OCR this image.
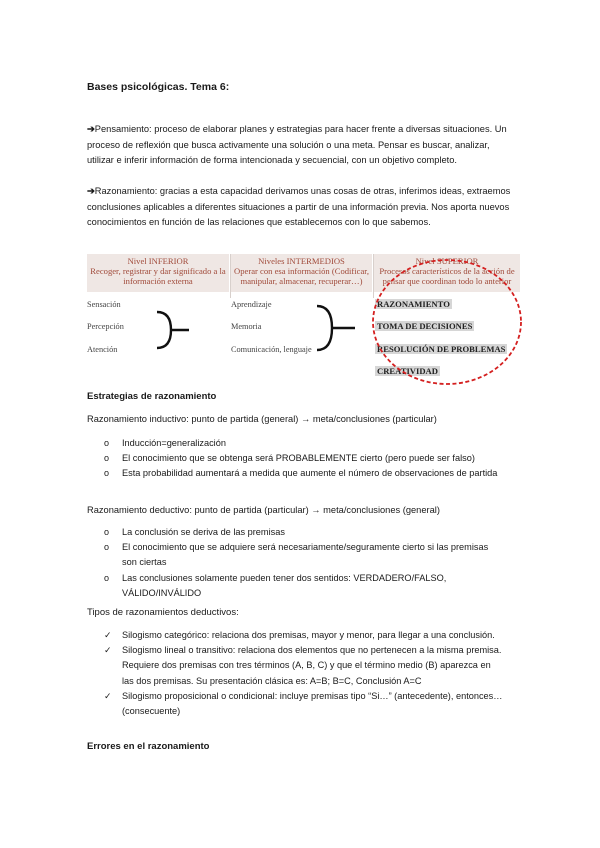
Bases psicológicas. Tema 6:
➔Pensamiento: proceso de elaborar planes y estrategias para hacer frente a diversas situaciones. Un proceso de reflexión que busca activamente una solución o una meta. Pensar es buscar, analizar, utilizar e inferir información de forma intencionada y secuencial, con un objetivo completo.
➔Razonamiento: gracias a esta capacidad derivamos unas cosas de otras, inferimos ideas, extraemos conclusiones aplicables a diferentes situaciones a partir de una información previa. Nos aporta nuevos conocimientos en función de las relaciones que establecemos con lo que sabemos.
Nivel INFERIOR
Recoger, registrar y dar significado a la información externa
Niveles INTERMEDIOS
Operar con esa información (Codificar, manipular, almacenar, recuperar…)
Nivel SUPERIOR
Procesos característicos de la acción de pensar que coordinan todo lo anterior
Sensación
Percepción
Atención
Aprendizaje
Memoria
Comunicación, lenguaje
RAZONAMIENTO
TOMA DE DECISIONES
RESOLUCIÓN DE PROBLEMAS
CREATIVIDAD
Estrategias de razonamiento
Razonamiento inductivo: punto de partida (general) → meta/conclusiones (particular)
o Inducción=generalización
o El conocimiento que se obtenga será PROBABLEMENTE cierto (pero puede ser falso)
o Esta probabilidad aumentará a medida que aumente el número de observaciones de partida
Razonamiento deductivo: punto de partida (particular) → meta/conclusiones (general)
o La conclusión se deriva de las premisas
o El conocimiento que se adquiere será necesariamente/seguramente cierto si las premisas son ciertas
o Las conclusiones solamente pueden tener dos sentidos: VERDADERO/FALSO, VÁLIDO/INVÁLIDO
Tipos de razonamientos deductivos:
✓ Silogismo categórico: relaciona dos premisas, mayor y menor, para llegar a una conclusión.
✓ Silogismo lineal o transitivo: relaciona dos elementos que no pertenecen a la misma premisa. Requiere dos premisas con tres términos (A, B, C) y que el término medio (B) aparezca en las dos premisas. Su presentación clásica es: A=B; B=C, Conclusión A=C
✓ Silogismo proposicional o condicional: incluye premisas tipo “Si…” (antecedente), entonces… (consecuente)
Errores en el razonamiento
